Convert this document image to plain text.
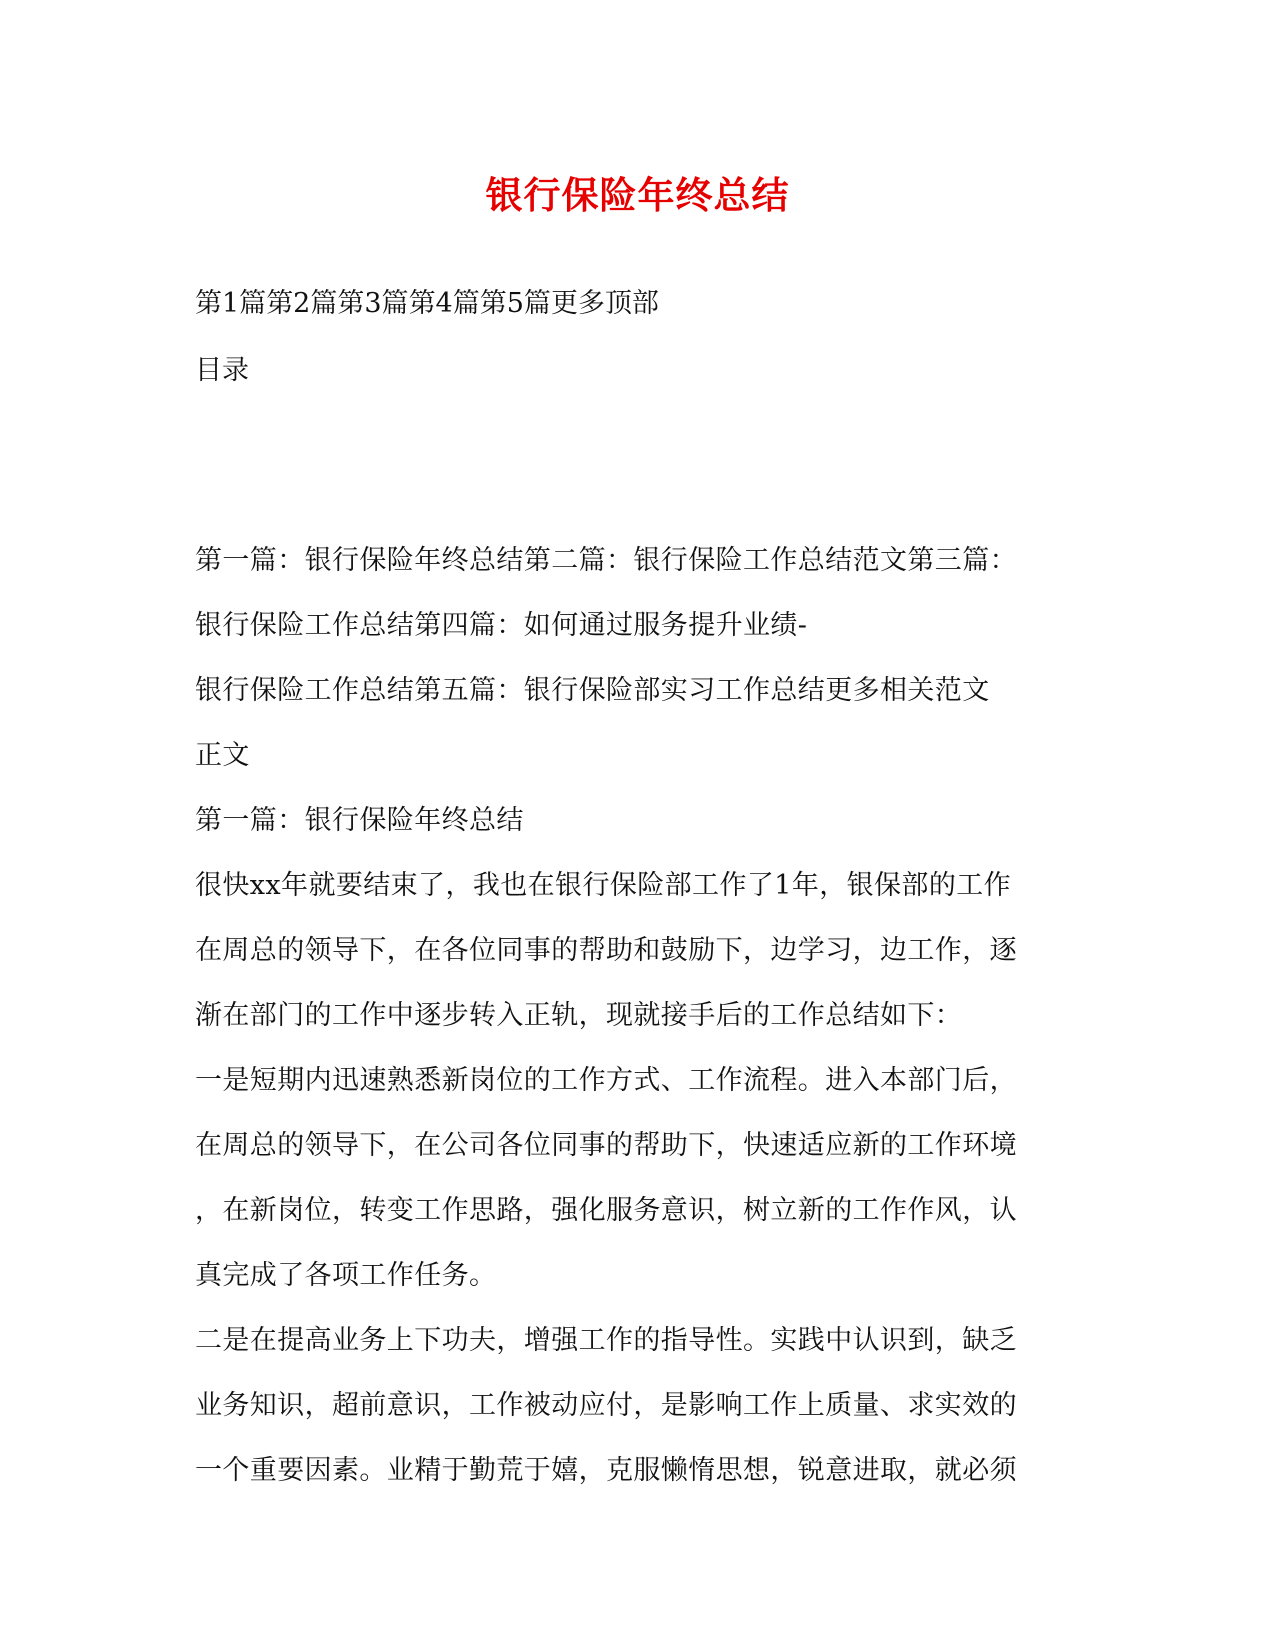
银行保险年终总结
第1篇第2篇第3篇第4篇第5篇更多顶部
目录
第一篇：银行保险年终总结第二篇：银行保险工作总结范文第三篇：
银行保险工作总结第四篇：如何通过服务提升业绩-
银行保险工作总结第五篇：银行保险部实习工作总结更多相关范文
正文
第一篇：银行保险年终总结
很快xx年就要结束了，我也在银行保险部工作了1年，银保部的工作
在周总的领导下，在各位同事的帮助和鼓励下，边学习，边工作，逐
渐在部门的工作中逐步转入正轨，现就接手后的工作总结如下：
一是短期内迅速熟悉新岗位的工作方式、工作流程。进入本部门后，
在周总的领导下，在公司各位同事的帮助下，快速适应新的工作环境
，在新岗位，转变工作思路，强化服务意识，树立新的工作作风，认
真完成了各项工作任务。
二是在提高业务上下功夫，增强工作的指导性。实践中认识到，缺乏
业务知识，超前意识，工作被动应付，是影响工作上质量、求实效的
一个重要因素。业精于勤荒于嬉，克服懒惰思想，锐意进取，就必须
